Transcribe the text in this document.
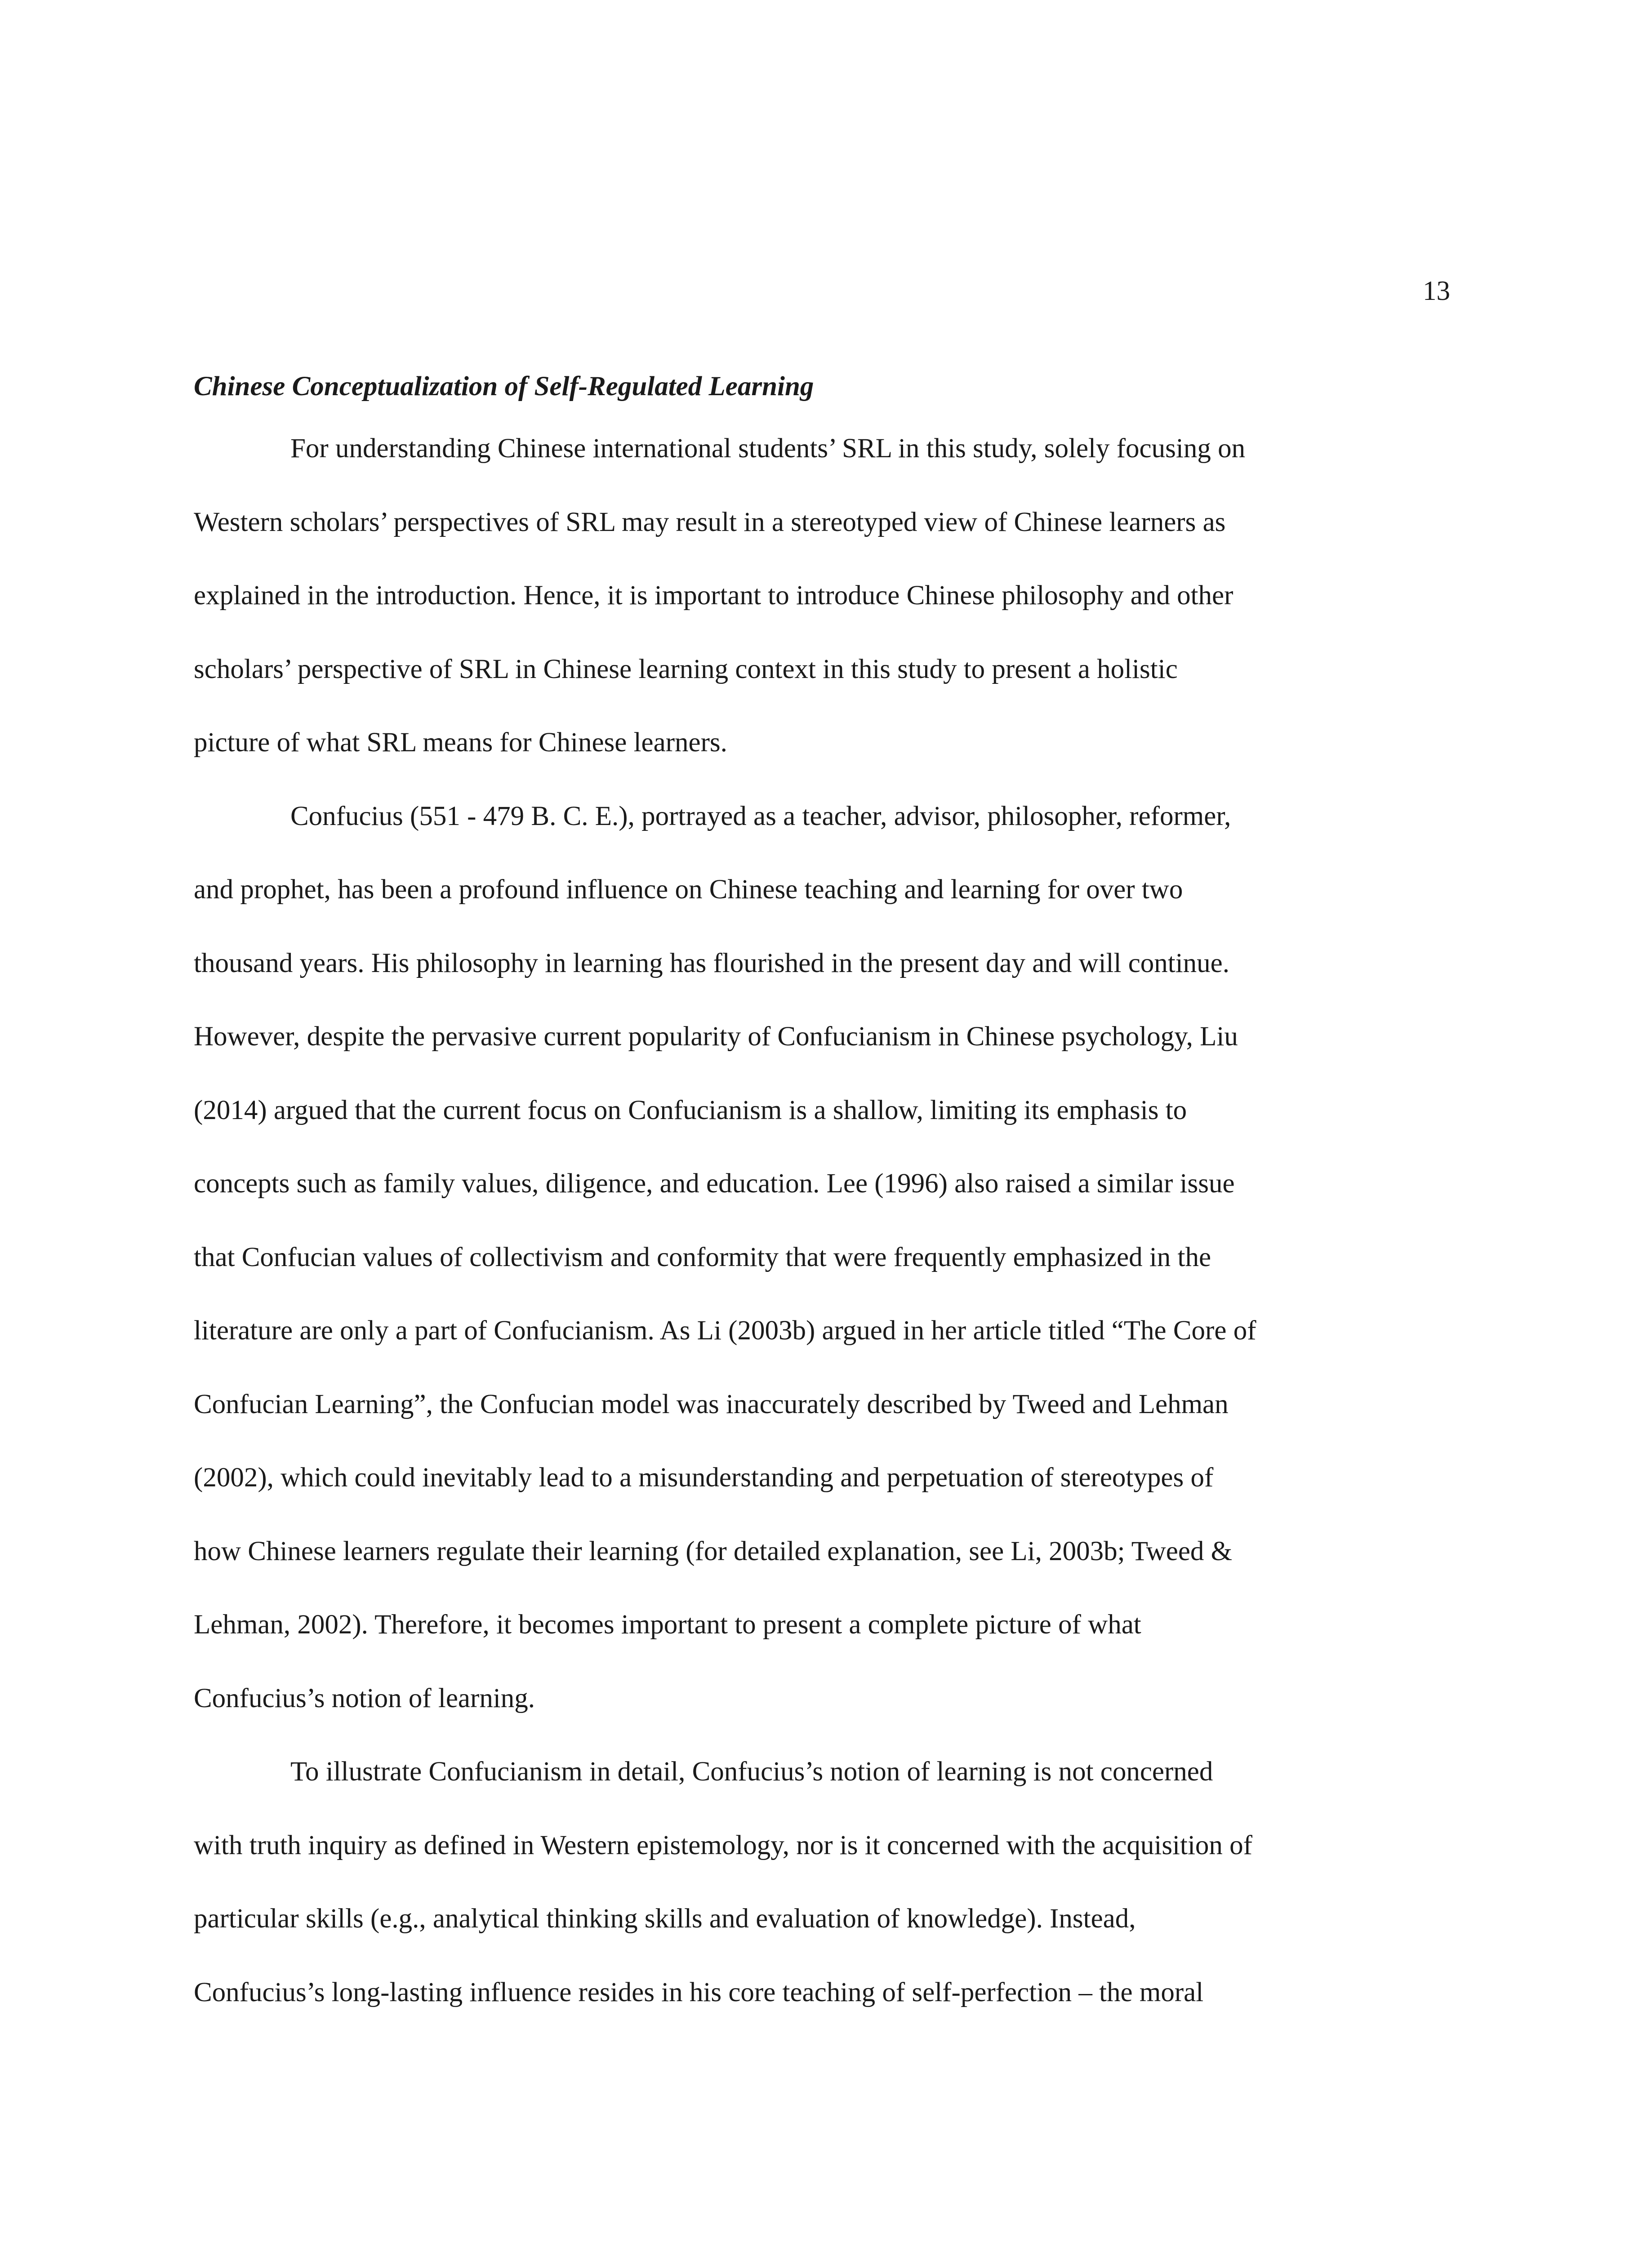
13
Chinese Conceptualization of Self-Regulated Learning
For understanding Chinese international students’ SRL in this study, solely focusing on
Western scholars’ perspectives of SRL may result in a stereotyped view of Chinese learners as
explained in the introduction. Hence, it is important to introduce Chinese philosophy and other
scholars’ perspective of SRL in Chinese learning context in this study to present a holistic
picture of what SRL means for Chinese learners.
Confucius (551 - 479 B. C. E.), portrayed as a teacher, advisor, philosopher, reformer,
and prophet, has been a profound influence on Chinese teaching and learning for over two
thousand years. His philosophy in learning has flourished in the present day and will continue.
However, despite the pervasive current popularity of Confucianism in Chinese psychology, Liu
(2014) argued that the current focus on Confucianism is a shallow, limiting its emphasis to
concepts such as family values, diligence, and education. Lee (1996) also raised a similar issue
that Confucian values of collectivism and conformity that were frequently emphasized in the
literature are only a part of Confucianism. As Li (2003b) argued in her article titled “The Core of
Confucian Learning”, the Confucian model was inaccurately described by Tweed and Lehman
(2002), which could inevitably lead to a misunderstanding and perpetuation of stereotypes of
how Chinese learners regulate their learning (for detailed explanation, see Li, 2003b; Tweed &
Lehman, 2002). Therefore, it becomes important to present a complete picture of what
Confucius’s notion of learning.
To illustrate Confucianism in detail, Confucius’s notion of learning is not concerned
with truth inquiry as defined in Western epistemology, nor is it concerned with the acquisition of
particular skills (e.g., analytical thinking skills and evaluation of knowledge). Instead,
Confucius’s long-lasting influence resides in his core teaching of self-perfection – the moral
